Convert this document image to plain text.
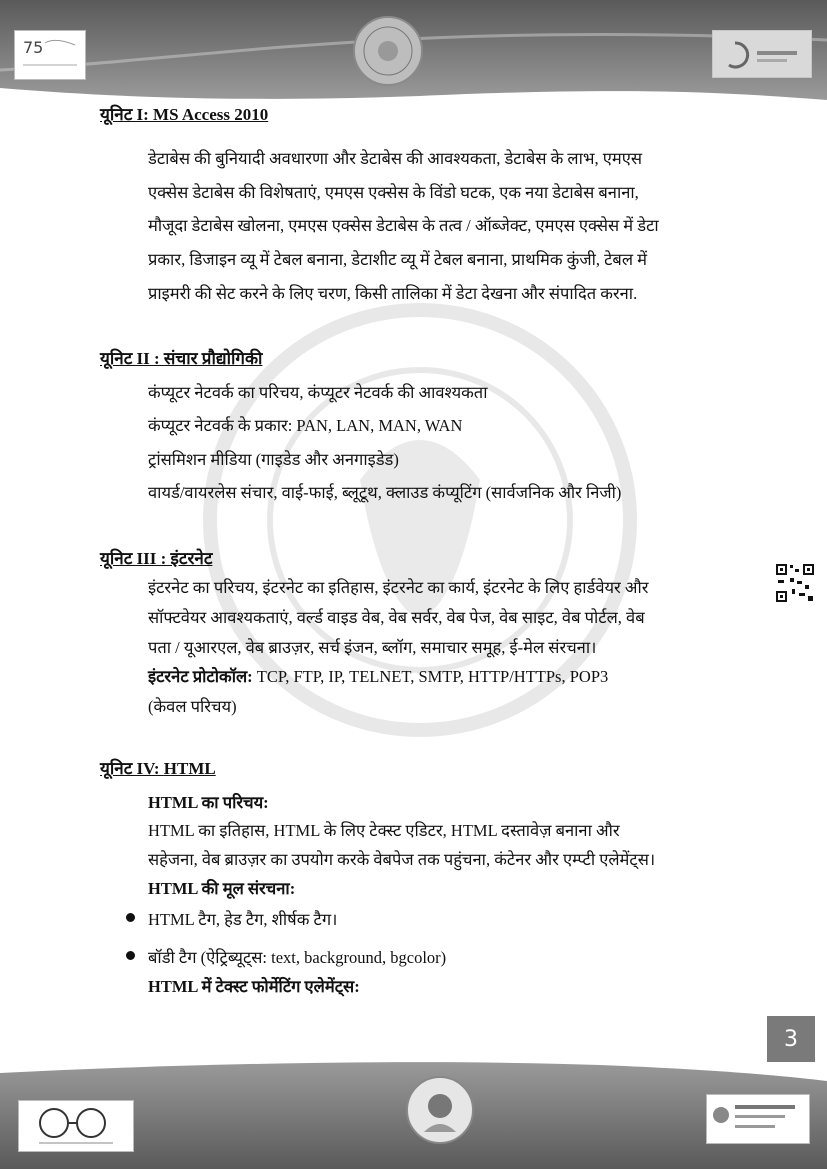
75
यूनिट I: MS Access 2010
डेटाबेस की बुनियादी अवधारणा और डेटाबेस की आवश्यकता, डेटाबेस के लाभ, एमएस
एक्सेस डेटाबेस की विशेषताएं, एमएस एक्सेस के विंडो घटक, एक नया डेटाबेस बनाना,
मौजूदा डेटाबेस खोलना, एमएस एक्सेस डेटाबेस के तत्व / ऑब्जेक्ट, एमएस एक्सेस में डेटा
प्रकार, डिजाइन व्यू में टेबल बनाना, डेटाशीट व्यू में टेबल बनाना, प्राथमिक कुंजी, टेबल में
प्राइमरी की सेट करने के लिए चरण, किसी तालिका में डेटा देखना और संपादित करना.
यूनिट II : संचार प्रौद्योगिकी
कंप्यूटर नेटवर्क का परिचय, कंप्यूटर नेटवर्क की आवश्यकता
कंप्यूटर नेटवर्क के प्रकार: PAN, LAN, MAN, WAN
ट्रांसमिशन मीडिया (गाइडेड और अनगाइडेड)
वायर्ड/वायरलेस संचार, वाई-फाई, ब्लूटूथ, क्लाउड कंप्यूटिंग (सार्वजनिक और निजी)
यूनिट III : इंटरनेट
इंटरनेट का परिचय, इंटरनेट का इतिहास, इंटरनेट का कार्य, इंटरनेट के लिए हार्डवेयर और
सॉफ्टवेयर आवश्यकताएं, वर्ल्ड वाइड वेब, वेब सर्वर, वेब पेज, वेब साइट, वेब पोर्टल, वेब
पता / यूआरएल, वेब ब्राउज़र, सर्च इंजन, ब्लॉग, समाचार समूह, ई-मेल संरचना।
इंटरनेट प्रोटोकॉल: TCP, FTP, IP, TELNET, SMTP, HTTP/HTTPs, POP3
(केवल परिचय)
यूनिट IV: HTML
HTML का परिचय:
HTML का इतिहास, HTML के लिए टेक्स्ट एडिटर, HTML दस्तावेज़ बनाना और
सहेजना, वेब ब्राउज़र का उपयोग करके वेबपेज तक पहुंचना, कंटेनर और एम्प्टी एलेमेंट्स।
HTML की मूल संरचना:
HTML टैग, हेड टैग, शीर्षक टैग।
बॉडी टैग (ऐट्रिब्यूट्स: text, background, bgcolor)
HTML में टेक्स्ट फोर्मेटिंग एलेमेंट्स:
3
